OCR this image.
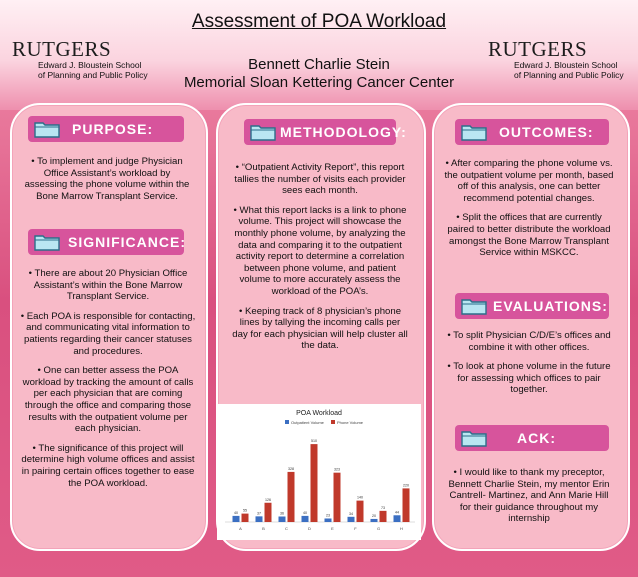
Assessment of POA Workload
Bennett Charlie Stein
Memorial Sloan Kettering Cancer Center
RUTGERS
Edward J. Bloustein School
of Planning and Public Policy
RUTGERS
Edward J. Bloustein School
of Planning and Public Policy
PURPOSE:

• To implement and judge Physician Office Assistant’s workload by assessing the phone volume within the Bone Marrow Transplant Service.

SIGNIFICANCE:

• There are about 20 Physician Office Assistant’s within the Bone Marrow Transplant Service.

• Each POA is responsible for contacting, and communicating vital information to patients regarding their cancer statuses and procedures.

• One can better assess the POA workload by tracking the amount of calls per each physician that are coming through the office and comparing those results with the outpatient volume per each physician.

• The significance of this project will determine high volume offices and assist in pairing certain offices together to ease the POA workload.

METHODOLOGY:

• “Outpatient Activity Report”, this report tallies the number of visits each provider sees each month.

• What this report lacks is a link to phone volume. This project will showcase the monthly phone volume, by analyzing the data and comparing it to the outpatient activity report to determine a correlation between phone volume, and patient volume to more accurately assess the workload of the POA’s.

• Keeping track of 8 physician’s phone lines by tallying the incoming calls per day for each physician will help cluster all the data.

POA Workload
Outpatient Volume	Phone Volume
40
55
A
37
126
B
36
328
C
40
510
D
23
323
E
34
140
F
20
73
G
44
220
H
OUTCOMES:

• After comparing the phone volume vs. the outpatient volume per month, based off of this analysis, one can better recommend potential changes.

• Split the offices that are currently paired to better distribute the workload amongst the Bone Marrow Transplant Service within MSKCC.

EVALUATIONS:

• To split Physician C/D/E’s offices and combine it with other offices.

• To look at phone volume in the future for assessing which offices to pair together.

ACK:

• I would like to thank my preceptor, Bennett Charlie Stein, my mentor Erin Cantrell- Martinez, and Ann Marie Hill for their guidance throughout my internship
